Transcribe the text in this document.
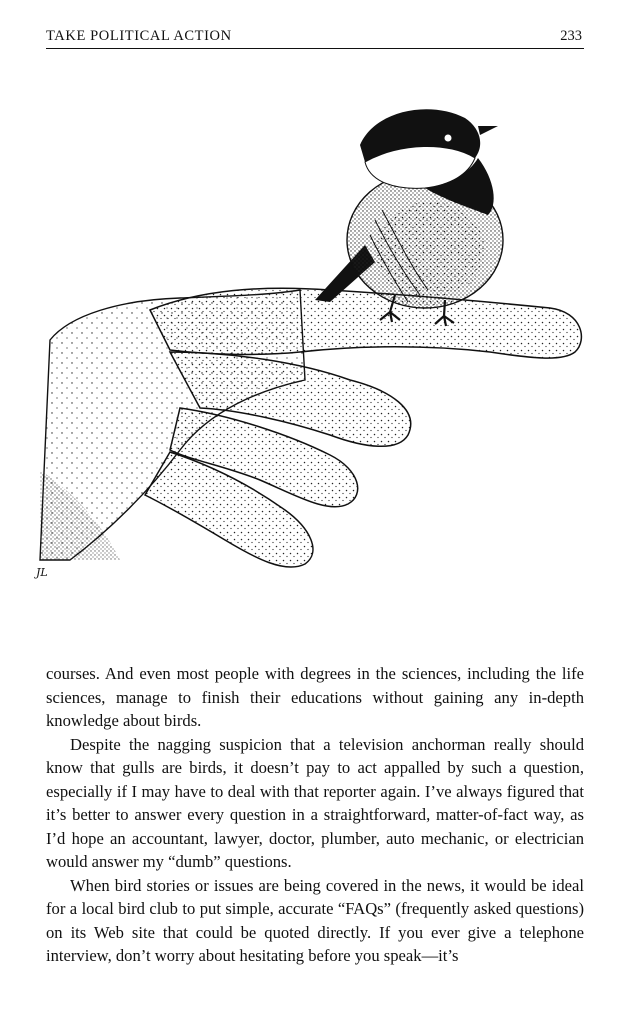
TAKE POLITICAL ACTION	233
JL

courses. And even most people with degrees in the sciences, including the life sciences, manage to finish their educations without gaining any in-depth knowledge about birds.

Despite the nagging suspicion that a television anchorman really should know that gulls are birds, it doesn’t pay to act appalled by such a question, especially if I may have to deal with that reporter again. I’ve always figured that it’s better to answer every question in a straightforward, matter-of-fact way, as I’d hope an accountant, lawyer, doctor, plumber, auto mechanic, or electrician would answer my “dumb” questions.

When bird stories or issues are being covered in the news, it would be ideal for a local bird club to put simple, accurate “FAQs” (frequently asked questions) on its Web site that could be quoted directly. If you ever give a telephone interview, don’t worry about hesitating before you speak—it’s
